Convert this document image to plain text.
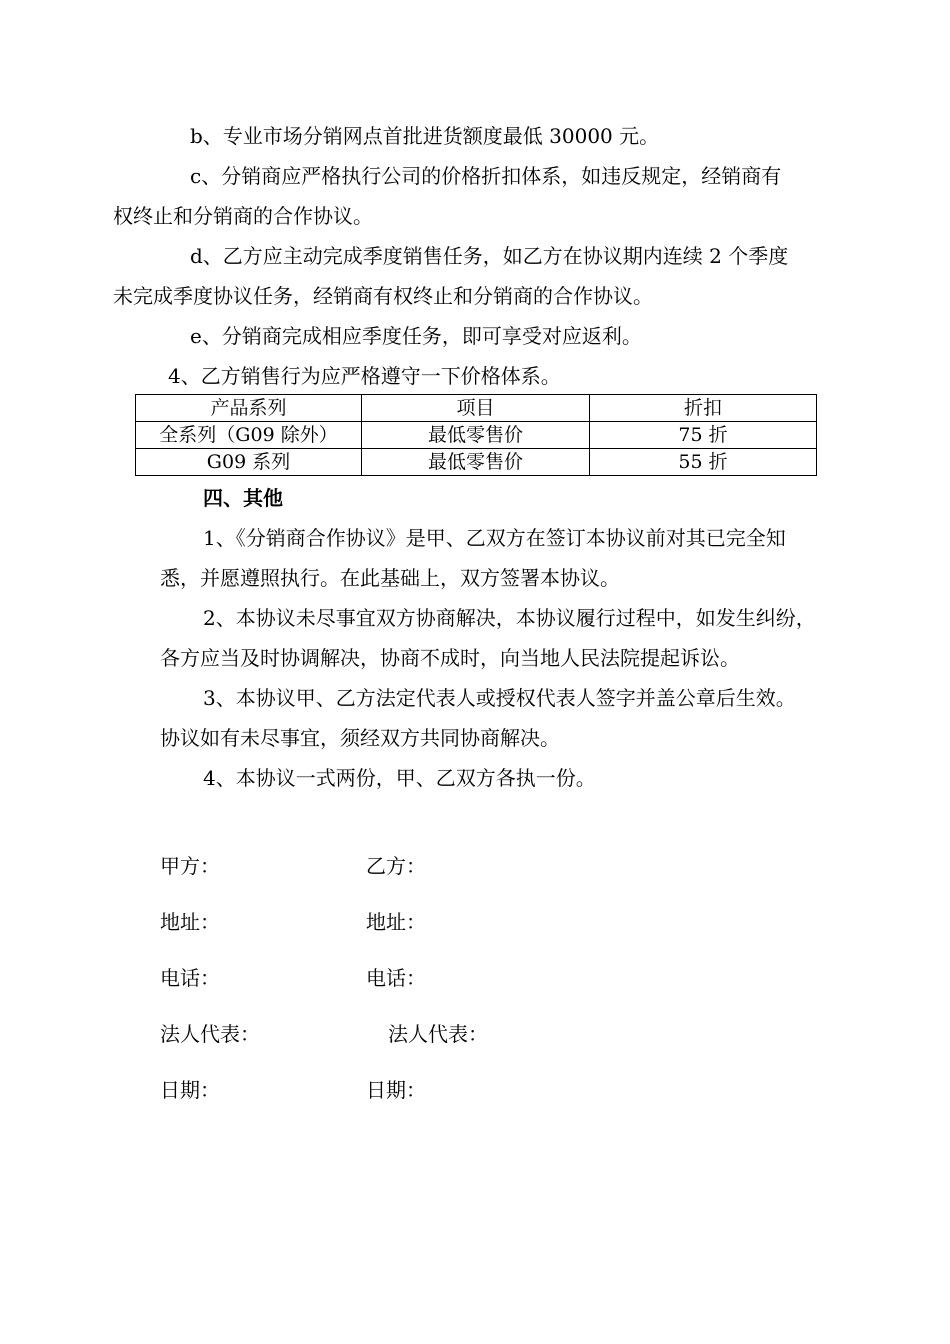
b、专业市场分销网点首批进货额度最低 30000 元。
c、分销商应严格执行公司的价格折扣体系，如违反规定，经销商有
权终止和分销商的合作协议。
d、乙方应主动完成季度销售任务，如乙方在协议期内连续 2 个季度
未完成季度协议任务，经销商有权终止和分销商的合作协议。
e、分销商完成相应季度任务，即可享受对应返利。
4、乙方销售行为应严格遵守一下价格体系。
产品系列	项目	折扣
全系列（G09 除外）	最低零售价	75 折
G09 系列	最低零售价	55 折
四、其他
1、《分销商合作协议》是甲、乙双方在签订本协议前对其已完全知
悉，并愿遵照执行。在此基础上，双方签署本协议。
2、本协议未尽事宜双方协商解决，本协议履行过程中，如发生纠纷，
各方应当及时协调解决，协商不成时，向当地人民法院提起诉讼。
3、本协议甲、乙方法定代表人或授权代表人签字并盖公章后生效。
协议如有未尽事宜，须经双方共同协商解决。
4、本协议一式两份，甲、乙双方各执一份。
甲方：	乙方：
地址：	地址：
电话：	电话：
法人代表：	法人代表：
日期：	日期：
